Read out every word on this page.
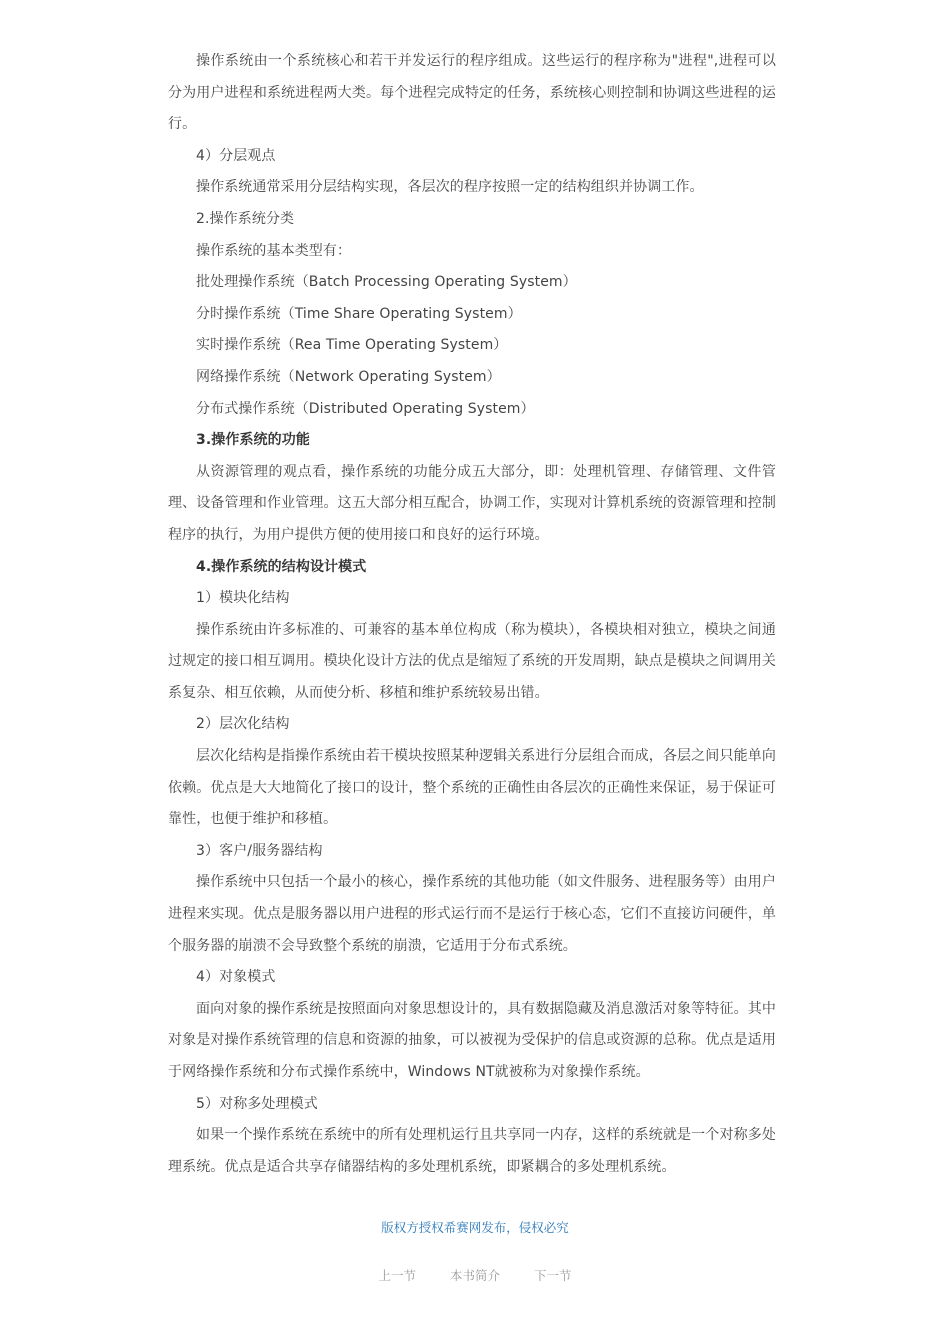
操作系统由一个系统核心和若干并发运行的程序组成。这些运行的程序称为"进程",进程可以分为用户进程和系统进程两大类。每个进程完成特定的任务，系统核心则控制和协调这些进程的运行。

4）分层观点

操作系统通常采用分层结构实现，各层次的程序按照一定的结构组织并协调工作。

2.操作系统分类

操作系统的基本类型有：

批处理操作系统（Batch Processing Operating System）

分时操作系统（Time Share Operating System）

实时操作系统（Rea Time Operating System）

网络操作系统（Network Operating System）

分布式操作系统（Distributed Operating System）

3.操作系统的功能

从资源管理的观点看，操作系统的功能分成五大部分，即：处理机管理、存储管理、文件管理、设备管理和作业管理。这五大部分相互配合，协调工作，实现对计算机系统的资源管理和控制程序的执行，为用户提供方便的使用接口和良好的运行环境。

4.操作系统的结构设计模式

1）模块化结构

操作系统由许多标准的、可兼容的基本单位构成（称为模块），各模块相对独立，模块之间通过规定的接口相互调用。模块化设计方法的优点是缩短了系统的开发周期，缺点是模块之间调用关系复杂、相互依赖，从而使分析、移植和维护系统较易出错。

2）层次化结构

层次化结构是指操作系统由若干模块按照某种逻辑关系进行分层组合而成，各层之间只能单向依赖。优点是大大地简化了接口的设计，整个系统的正确性由各层次的正确性来保证，易于保证可靠性，也便于维护和移植。

3）客户/服务器结构

操作系统中只包括一个最小的核心，操作系统的其他功能（如文件服务、进程服务等）由用户进程来实现。优点是服务器以用户进程的形式运行而不是运行于核心态，它们不直接访问硬件，单个服务器的崩溃不会导致整个系统的崩溃，它适用于分布式系统。

4）对象模式

面向对象的操作系统是按照面向对象思想设计的，具有数据隐藏及消息激活对象等特征。其中对象是对操作系统管理的信息和资源的抽象，可以被视为受保护的信息或资源的总称。优点是适用于网络操作系统和分布式操作系统中，Windows NT就被称为对象操作系统。

5）对称多处理模式

如果一个操作系统在系统中的所有处理机运行且共享同一内存，这样的系统就是一个对称多处理系统。优点是适合共享存储器结构的多处理机系统，即紧耦合的多处理机系统。

版权方授权希赛网发布，侵权必究
上一节	本书简介	下一节
